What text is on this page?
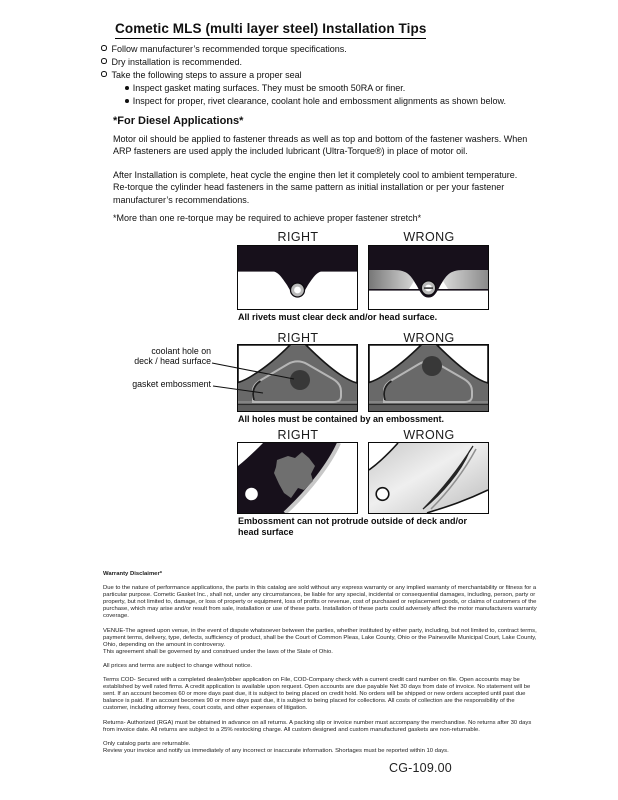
Cometic MLS (multi layer steel) Installation Tips
Follow manufacturer’s recommended torque specifications.
Dry installation is recommended.
Take the following steps to assure a proper seal
Inspect gasket mating surfaces. They must be smooth 50RA or finer.
Inspect for proper, rivet clearance, coolant hole and embossment alignments as shown below.
*For Diesel Applications*
Motor oil should be applied to fastener threads as well as top and bottom of the fastener washers. When ARP fasteners are used apply the included lubricant (Ultra-Torque®) in place of motor oil.
After Installation is complete, heat cycle the engine then let it completely cool to ambient temperature. Re-torque the cylinder head fasteners in the same pattern as initial installation or per your fastener manufacturer’s recommendations.
*More than one re-torque may be required to achieve proper fastener stretch*
RIGHT	WRONG
All rivets must clear deck and/or head surface.
RIGHT	WRONG
All holes must be contained by an embossment.
coolant hole on
deck / head surface
gasket embossment
RIGHT	WRONG
Embossment can not protrude outside of deck and/or head surface
Warranty Disclaimer*
Due to the nature of performance applications, the parts in this catalog are sold without any express warranty or any implied warranty of merchantability or fitness for a particular purpose. Cometic Gasket Inc., shall not, under any circumstances, be liable for any special, incidental or consequential damages, including, person, party or property, but not limited to, damage, or loss of property or equipment, loss of profits or revenue, cost of purchased or replacement goods, or claims of customers of the purchase, which may arise and/or result from sale, installation or use of these parts. Installation of these parts could adversely affect the motor manufacturers warranty coverage.
VENUE-The agreed upon venue, in the event of dispute whatsoever between the parties, whether instituted by either party, including, but not limited to, contract terms, payment terms, delivery, type, defects, sufficiency of product, shall be the Court of Common Pleas, Lake County, Ohio or the Painesville Municipal Court, Lake County, Ohio, depending on the amount in controversy.
This agreement shall be governed by and construed under the laws of the State of Ohio.
All prices and terms are subject to change without notice.
Terms COD- Secured with a completed dealer/jobber application on File, COD-Company check with a current credit card number on file. Open accounts may be established by well rated firms. A credit application is available upon request. Open accounts are due payable Net 30 days from date of invoice. No statement will be sent. If an account becomes 60 or more days past due, it is subject to being placed on credit hold. No orders will be shipped or new orders accepted until past due balance is paid. If an account becomes 90 or more days past due, it is subject to being placed for collections. All costs of collection are the responsibility of the customer, including attorney fees, court costs, and other expenses of litigation.
Returns- Authorized (RGA) must be obtained in advance on all returns. A packing slip or invoice number must accompany the merchandise. No returns after 30 days from invoice date. All returns are subject to a 25% restocking charge. All custom designed and custom manufactured gaskets are non-returnable.
Only catalog parts are returnable.
Review your invoice and notify us immediately of any incorrect or inaccurate information. Shortages must be reported within 10 days.
CG-109.00
